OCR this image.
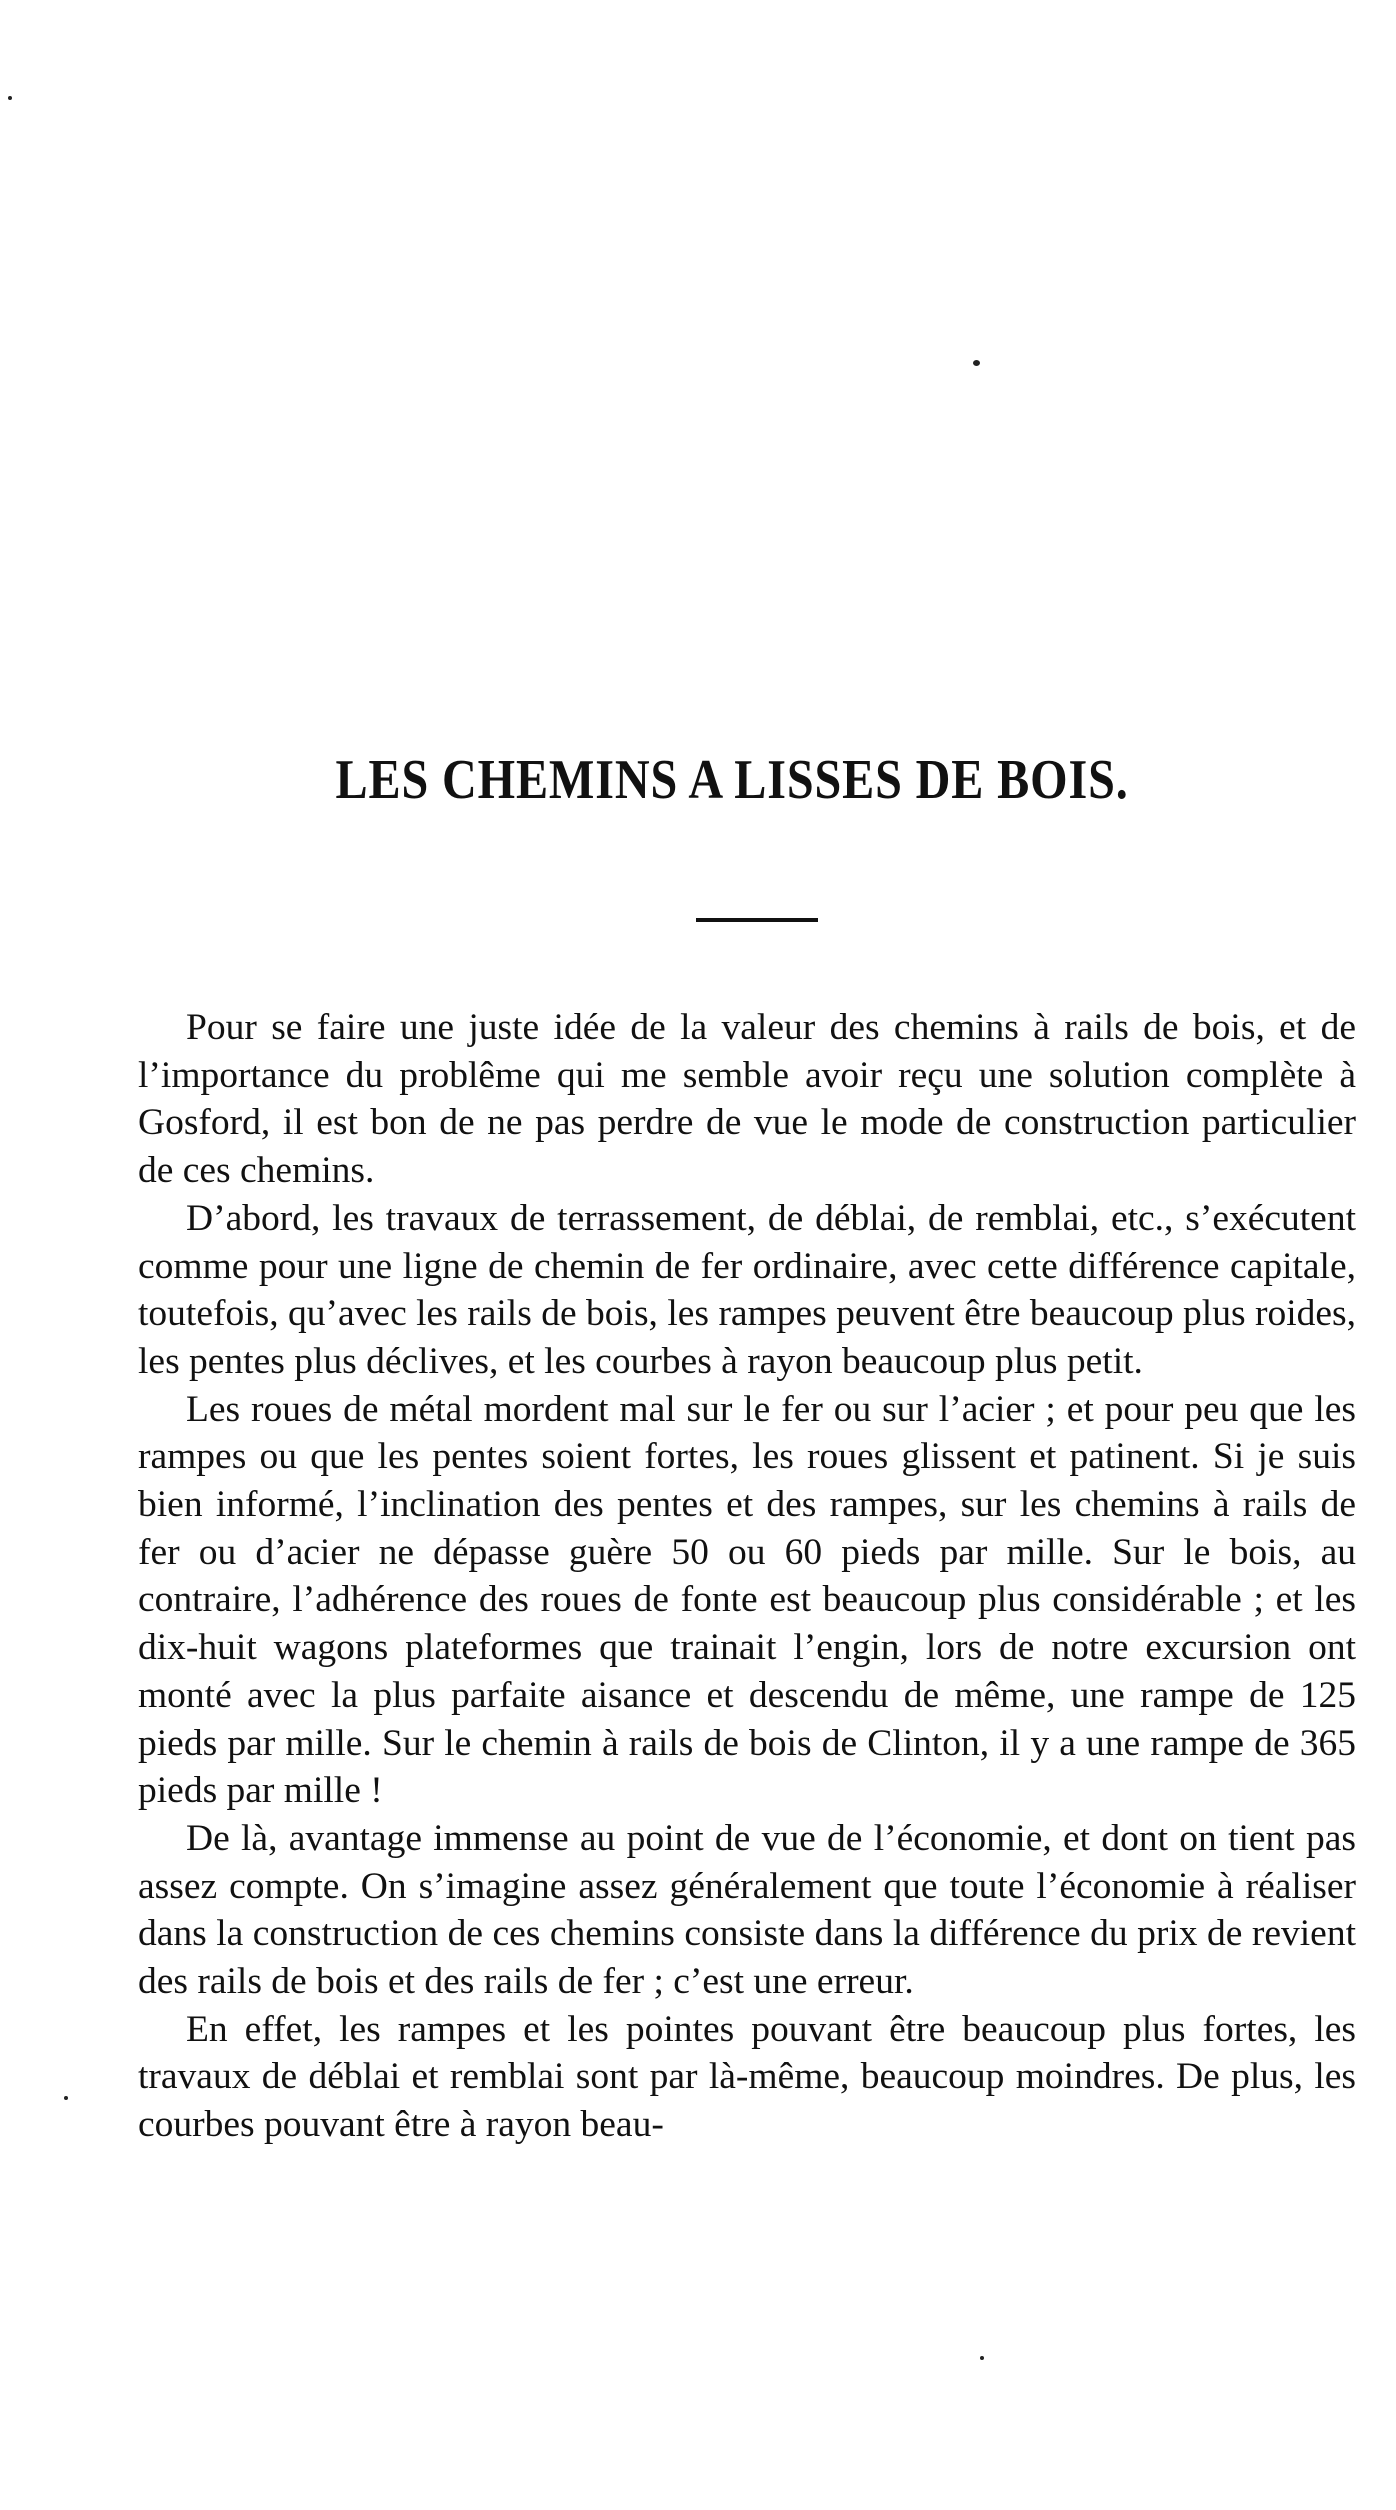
LES CHEMINS A LISSES DE BOIS.

Pour se faire une juste idée de la valeur des chemins à rails de bois, et de l’importance du problême qui me semble avoir reçu une solution complète à Gosford, il est bon de ne pas perdre de vue le mode de construction particulier de ces chemins.

D’abord, les travaux de terrassement, de déblai, de remblai, etc., s’exécutent comme pour une ligne de chemin de fer ordinaire, avec cette différence capitale, toutefois, qu’avec les rails de bois, les rampes peuvent être beaucoup plus roides, les pentes plus déclives, et les courbes à rayon beaucoup plus petit.

Les roues de métal mordent mal sur le fer ou sur l’acier ; et pour peu que les rampes ou que les pentes soient fortes, les roues glissent et patinent. Si je suis bien informé, l’inclination des pentes et des rampes, sur les chemins à rails de fer ou d’acier ne dépasse guère 50 ou 60 pieds par mille. Sur le bois, au contraire, l’adhérence des roues de fonte est beaucoup plus considérable ; et les dix-huit wagons plateformes que trainait l’engin, lors de notre excursion ont monté avec la plus parfaite aisance et descendu de même, une rampe de 125 pieds par mille. Sur le chemin à rails de bois de Clinton, il y a une rampe de 365 pieds par mille !

De là, avantage immense au point de vue de l’économie, et dont on tient pas assez compte. On s’imagine assez généralement que toute l’économie à réaliser dans la construction de ces chemins consiste dans la différence du prix de revient des rails de bois et des rails de fer ; c’est une erreur.

En effet, les rampes et les pointes pouvant être beaucoup plus fortes, les travaux de déblai et remblai sont par là-même, beaucoup moindres. De plus, les courbes pouvant être à rayon beau-
